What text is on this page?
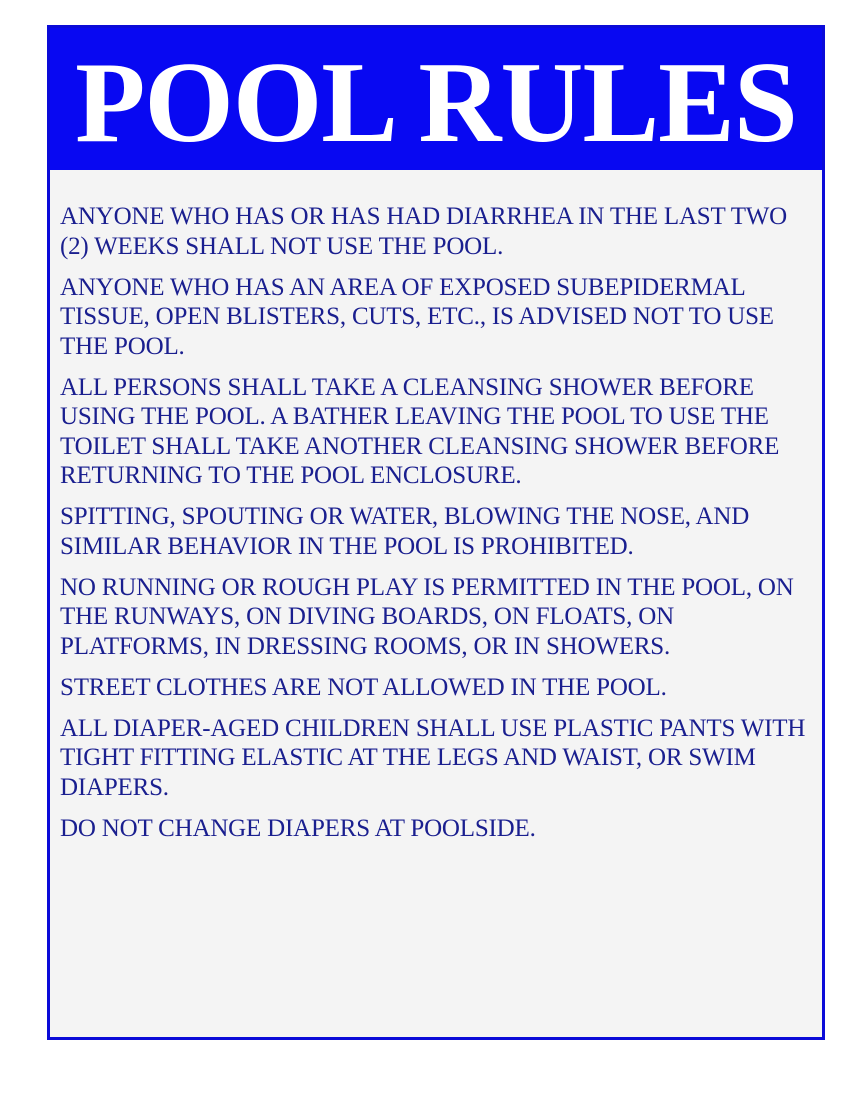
POOL RULES
ANYONE WHO HAS OR HAS HAD DIARRHEA IN THE LAST TWO (2) WEEKS SHALL NOT USE THE POOL.
ANYONE WHO HAS AN AREA OF EXPOSED SUBEPIDERMAL TISSUE, OPEN BLISTERS, CUTS, ETC., IS ADVISED NOT TO USE THE POOL.
ALL PERSONS SHALL TAKE A CLEANSING SHOWER BEFORE USING THE POOL. A BATHER LEAVING THE POOL TO USE THE TOILET SHALL TAKE ANOTHER CLEANSING SHOWER BEFORE RETURNING TO THE POOL ENCLOSURE.
SPITTING, SPOUTING OR WATER, BLOWING THE NOSE, AND SIMILAR BEHAVIOR IN THE POOL IS PROHIBITED.
NO RUNNING OR ROUGH PLAY IS PERMITTED IN THE POOL, ON THE RUNWAYS, ON DIVING BOARDS, ON FLOATS, ON PLATFORMS, IN DRESSING ROOMS, OR IN SHOWERS.
STREET CLOTHES ARE NOT ALLOWED IN THE POOL.
ALL DIAPER-AGED CHILDREN SHALL USE PLASTIC PANTS WITH TIGHT FITTING ELASTIC AT THE LEGS AND WAIST, OR SWIM DIAPERS.
DO NOT CHANGE DIAPERS AT POOLSIDE.
